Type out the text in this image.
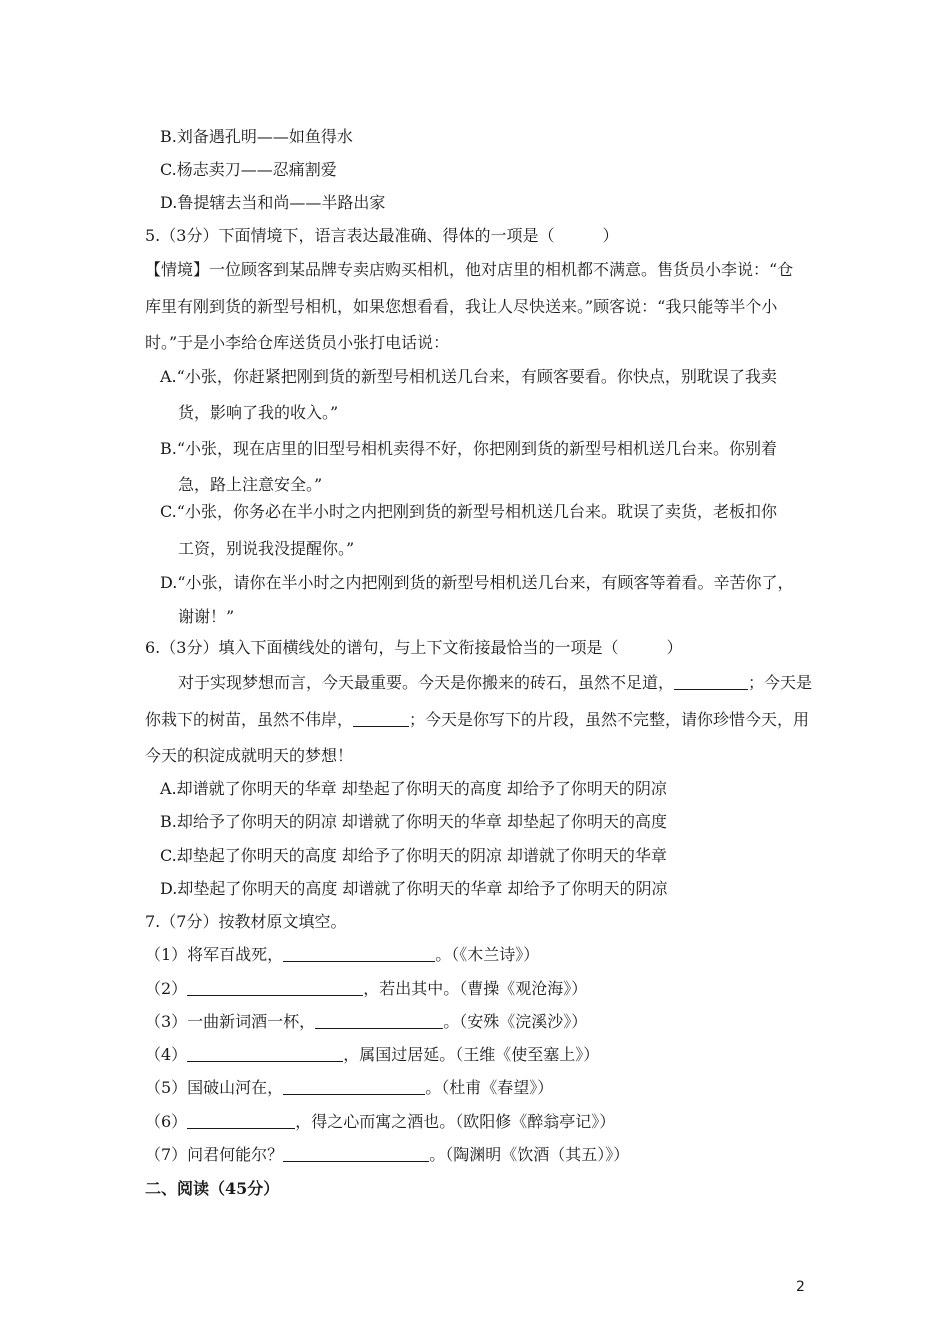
B.刘备遇孔明——如鱼得水
C.杨志卖刀——忍痛割爱
D.鲁提辖去当和尚——半路出家
5.（3分）下面情境下，语言表达最准确、得体的一项是（　　　）
【情境】一位顾客到某品牌专卖店购买相机，他对店里的相机都不满意。售货员小李说：“仓
库里有刚到货的新型号相机，如果您想看看，我让人尽快送来。”顾客说：“我只能等半个小
时。”于是小李给仓库送货员小张打电话说：
A.“小张，你赶紧把刚到货的新型号相机送几台来，有顾客要看。你快点，别耽误了我卖
货，影响了我的收入。”
B.“小张，现在店里的旧型号相机卖得不好，你把刚到货的新型号相机送几台来。你别着
急，路上注意安全。”
C.“小张，你务必在半小时之内把刚到货的新型号相机送几台来。耽误了卖货，老板扣你
工资，别说我没提醒你。”
D.“小张，请你在半小时之内把刚到货的新型号相机送几台来，有顾客等着看。辛苦你了，
谢谢！”
6.（3分）填入下面横线处的谱句，与上下文衔接最恰当的一项是（　　　）
对于实现梦想而言，今天最重要。今天是你搬来的砖石，虽然不足道，	；今天是
你栽下的树苗，虽然不伟岸，	；今天是你写下的片段，虽然不完整，请你珍惜今天，用
今天的积淀成就明天的梦想！
A.却谱就了你明天的华章 却垫起了你明天的高度 却给予了你明天的阴凉
B.却给予了你明天的阴凉 却谱就了你明天的华章 却垫起了你明天的高度
C.却垫起了你明天的高度 却给予了你明天的阴凉 却谱就了你明天的华章
D.却垫起了你明天的高度 却谱就了你明天的华章 却给予了你明天的阴凉
7.（7分）按教材原文填空。
（1）将军百战死，	。（《木兰诗》）
（2）	，若出其中。（曹操《观沧海》）
（3）一曲新词酒一杯，	。（安殊《浣溪沙》）
（4）	，属国过居延。（王维《使至塞上》）
（5）国破山河在，	。（杜甫《春望》）
（6）	，得之心而寓之酒也。（欧阳修《醉翁亭记》）
（7）问君何能尔？	。（陶渊明《饮酒（其五）》）
二、阅读（45分）
2
